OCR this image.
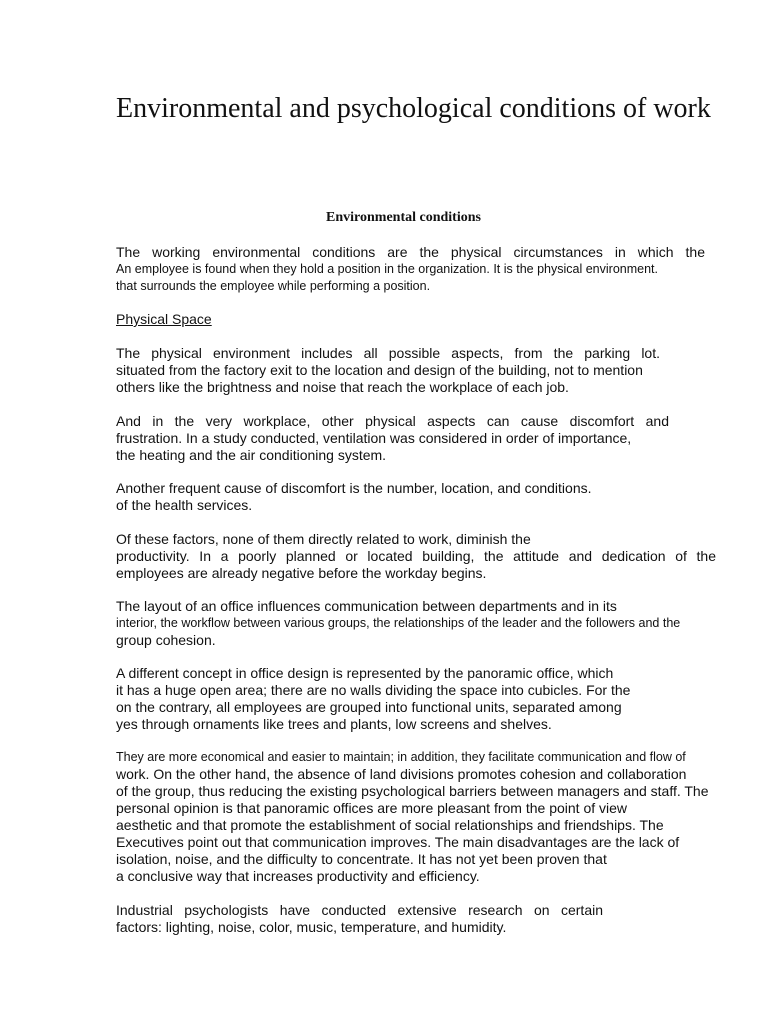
Environmental and psychological conditions of work
Environmental conditions

The working environmental conditions are the physical circumstances in which the
An employee is found when they hold a position in the organization. It is the physical environment.
that surrounds the employee while performing a position.

Physical Space

The physical environment includes all possible aspects, from the parking lot.
situated from the factory exit to the location and design of the building, not to mention
others like the brightness and noise that reach the workplace of each job.

And in the very workplace, other physical aspects can cause discomfort and
frustration. In a study conducted, ventilation was considered in order of importance,
the heating and the air conditioning system.

Another frequent cause of discomfort is the number, location, and conditions.
of the health services.

Of these factors, none of them directly related to work, diminish the
productivity. In a poorly planned or located building, the attitude and dedication of the
employees are already negative before the workday begins.

The layout of an office influences communication between departments and in its
interior, the workflow between various groups, the relationships of the leader and the followers and the
group cohesion.

A different concept in office design is represented by the panoramic office, which
it has a huge open area; there are no walls dividing the space into cubicles. For the
on the contrary, all employees are grouped into functional units, separated among
yes through ornaments like trees and plants, low screens and shelves.

They are more economical and easier to maintain; in addition, they facilitate communication and flow of
work. On the other hand, the absence of land divisions promotes cohesion and collaboration
of the group, thus reducing the existing psychological barriers between managers and staff. The
personal opinion is that panoramic offices are more pleasant from the point of view
aesthetic and that promote the establishment of social relationships and friendships. The
Executives point out that communication improves. The main disadvantages are the lack of
isolation, noise, and the difficulty to concentrate. It has not yet been proven that
a conclusive way that increases productivity and efficiency.

Industrial psychologists have conducted extensive research on certain
factors: lighting, noise, color, music, temperature, and humidity.
